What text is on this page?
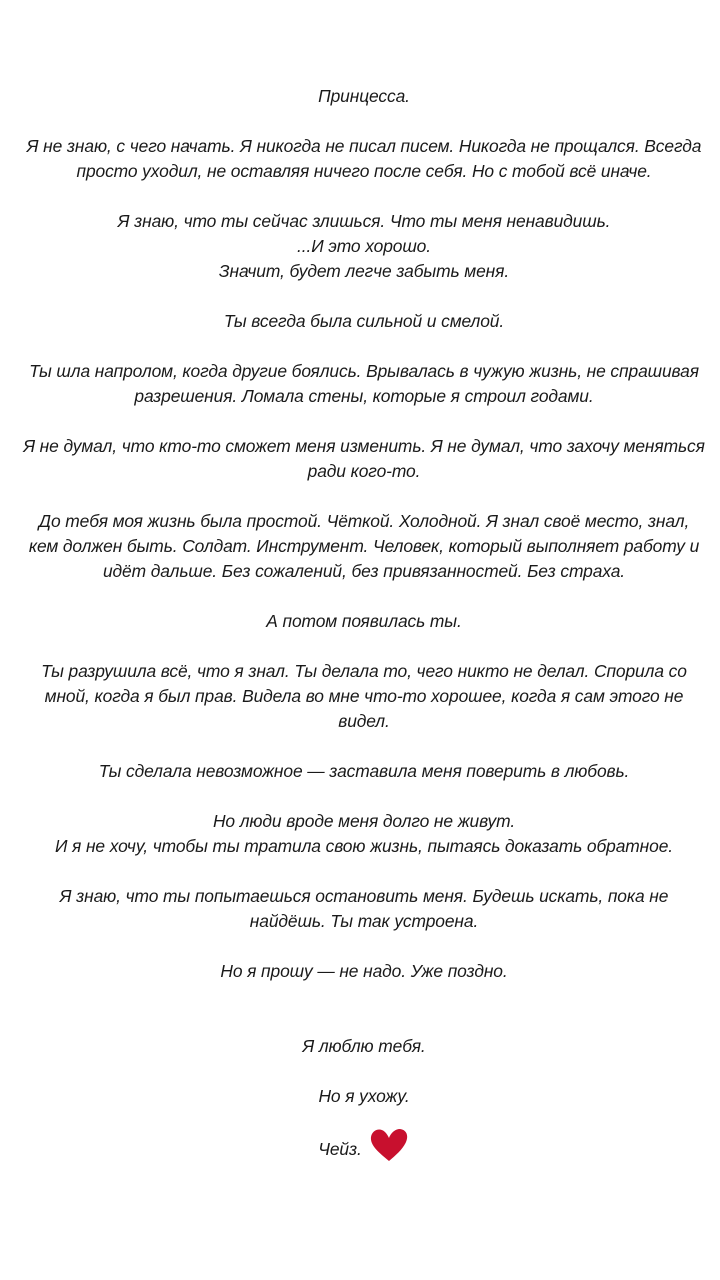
Принцесса.

Я не знаю, с чего начать. Я никогда не писал писем. Никогда не прощался. Всегда просто уходил, не оставляя ничего после себя. Но с тобой всё иначе.

Я знаю, что ты сейчас злишься. Что ты меня ненавидишь.
...И это хорошо.
Значит, будет легче забыть меня.

Ты всегда была сильной и смелой.

Ты шла напролом, когда другие боялись. Врывалась в чужую жизнь, не спрашивая разрешения. Ломала стены, которые я строил годами.

Я не думал, что кто-то сможет меня изменить. Я не думал, что захочу меняться ради кого-то.

До тебя моя жизнь была простой. Чёткой. Холодной. Я знал своё место, знал, кем должен быть. Солдат. Инструмент. Человек, который выполняет работу и идёт дальше. Без сожалений, без привязанностей. Без страха.

А потом появилась ты.

Ты разрушила всё, что я знал. Ты делала то, чего никто не делал. Спорила со мной, когда я был прав. Видела во мне что-то хорошее, когда я сам этого не видел.

Ты сделала невозможное — заставила меня поверить в любовь.

Но люди вроде меня долго не живут.
И я не хочу, чтобы ты тратила свою жизнь, пытаясь доказать обратное.

Я знаю, что ты попытаешься остановить меня. Будешь искать, пока не найдёшь. Ты так устроена.

Но я прошу — не надо. Уже поздно.

Я люблю тебя.

Но я ухожу.

Чейз.
